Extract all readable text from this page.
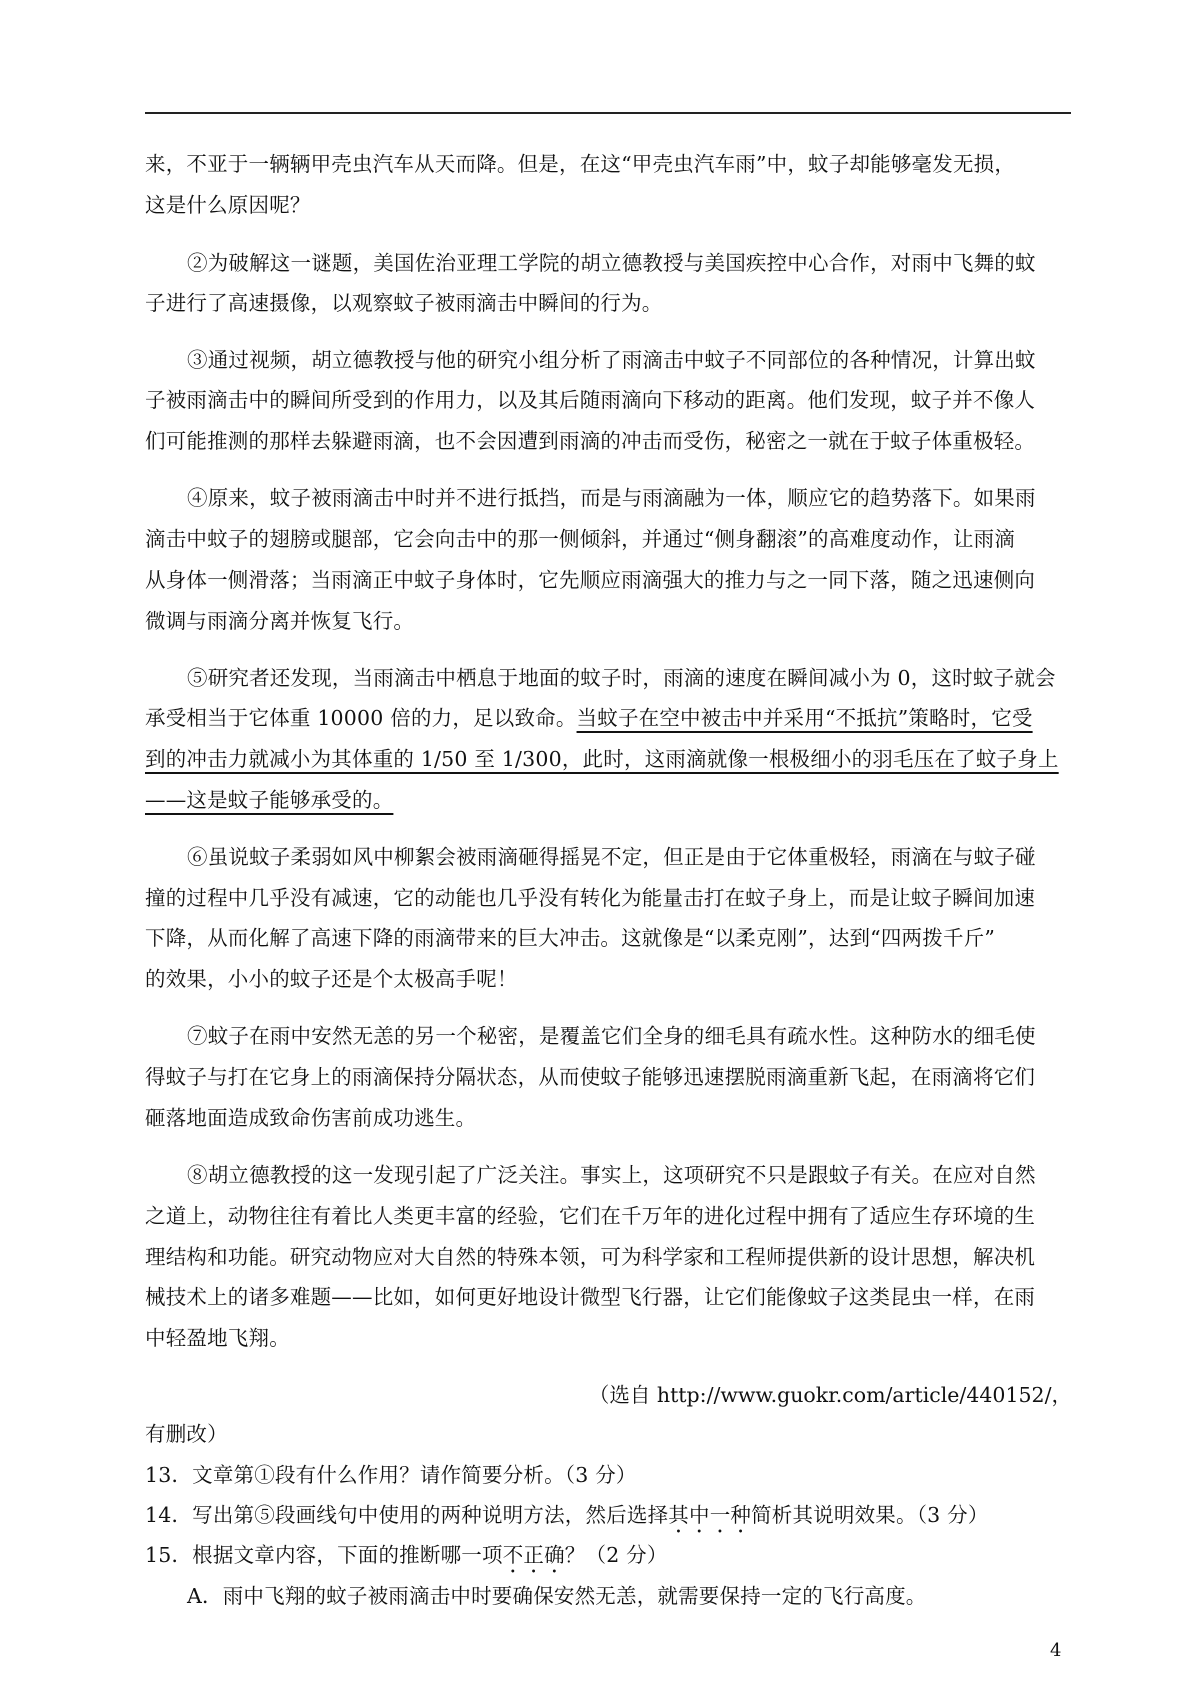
来，不亚于一辆辆甲壳虫汽车从天而降。但是，在这“甲壳虫汽车雨”中，蚊子却能够毫发无损，
这是什么原因呢？
②为破解这一谜题，美国佐治亚理工学院的胡立德教授与美国疾控中心合作，对雨中飞舞的蚊
子进行了高速摄像，以观察蚊子被雨滴击中瞬间的行为。
③通过视频，胡立德教授与他的研究小组分析了雨滴击中蚊子不同部位的各种情况，计算出蚊
子被雨滴击中的瞬间所受到的作用力，以及其后随雨滴向下移动的距离。他们发现，蚊子并不像人
们可能推测的那样去躲避雨滴，也不会因遭到雨滴的冲击而受伤，秘密之一就在于蚊子体重极轻。
④原来，蚊子被雨滴击中时并不进行抵挡，而是与雨滴融为一体，顺应它的趋势落下。如果雨
滴击中蚊子的翅膀或腿部，它会向击中的那一侧倾斜，并通过“侧身翻滚”的高难度动作，让雨滴
从身体一侧滑落；当雨滴正中蚊子身体时，它先顺应雨滴强大的推力与之一同下落，随之迅速侧向
微调与雨滴分离并恢复飞行。
⑤研究者还发现，当雨滴击中栖息于地面的蚊子时，雨滴的速度在瞬间减小为 0，这时蚊子就会
承受相当于它体重 10000 倍的力，足以致命。当蚊子在空中被击中并采用“不抵抗”策略时，它受
到的冲击力就减小为其体重的 1/50 至 1/300，此时，这雨滴就像一根极细小的羽毛压在了蚊子身上
——这是蚊子能够承受的。
⑥虽说蚊子柔弱如风中柳絮会被雨滴砸得摇晃不定，但正是由于它体重极轻，雨滴在与蚊子碰
撞的过程中几乎没有减速，它的动能也几乎没有转化为能量击打在蚊子身上，而是让蚊子瞬间加速
下降，从而化解了高速下降的雨滴带来的巨大冲击。这就像是“以柔克刚”，达到“四两拨千斤”
的效果，小小的蚊子还是个太极高手呢！
⑦蚊子在雨中安然无恙的另一个秘密，是覆盖它们全身的细毛具有疏水性。这种防水的细毛使
得蚊子与打在它身上的雨滴保持分隔状态，从而使蚊子能够迅速摆脱雨滴重新飞起，在雨滴将它们
砸落地面造成致命伤害前成功逃生。
⑧胡立德教授的这一发现引起了广泛关注。事实上，这项研究不只是跟蚊子有关。在应对自然
之道上，动物往往有着比人类更丰富的经验，它们在千万年的进化过程中拥有了适应生存环境的生
理结构和功能。研究动物应对大自然的特殊本领，可为科学家和工程师提供新的设计思想，解决机
械技术上的诸多难题——比如，如何更好地设计微型飞行器，让它们能像蚊子这类昆虫一样，在雨
中轻盈地飞翔。
（选自 http://www.guokr.com/article/440152/，
有删改）
13．文章第①段有什么作用？请作简要分析。（3 分）
14．写出第⑤段画线句中使用的两种说明方法，然后选择其中一种简析其说明效果。（3 分）
15．根据文章内容，下面的推断哪一项不正确？（2 分）
A．雨中飞翔的蚊子被雨滴击中时要确保安然无恙，就需要保持一定的飞行高度。
4
